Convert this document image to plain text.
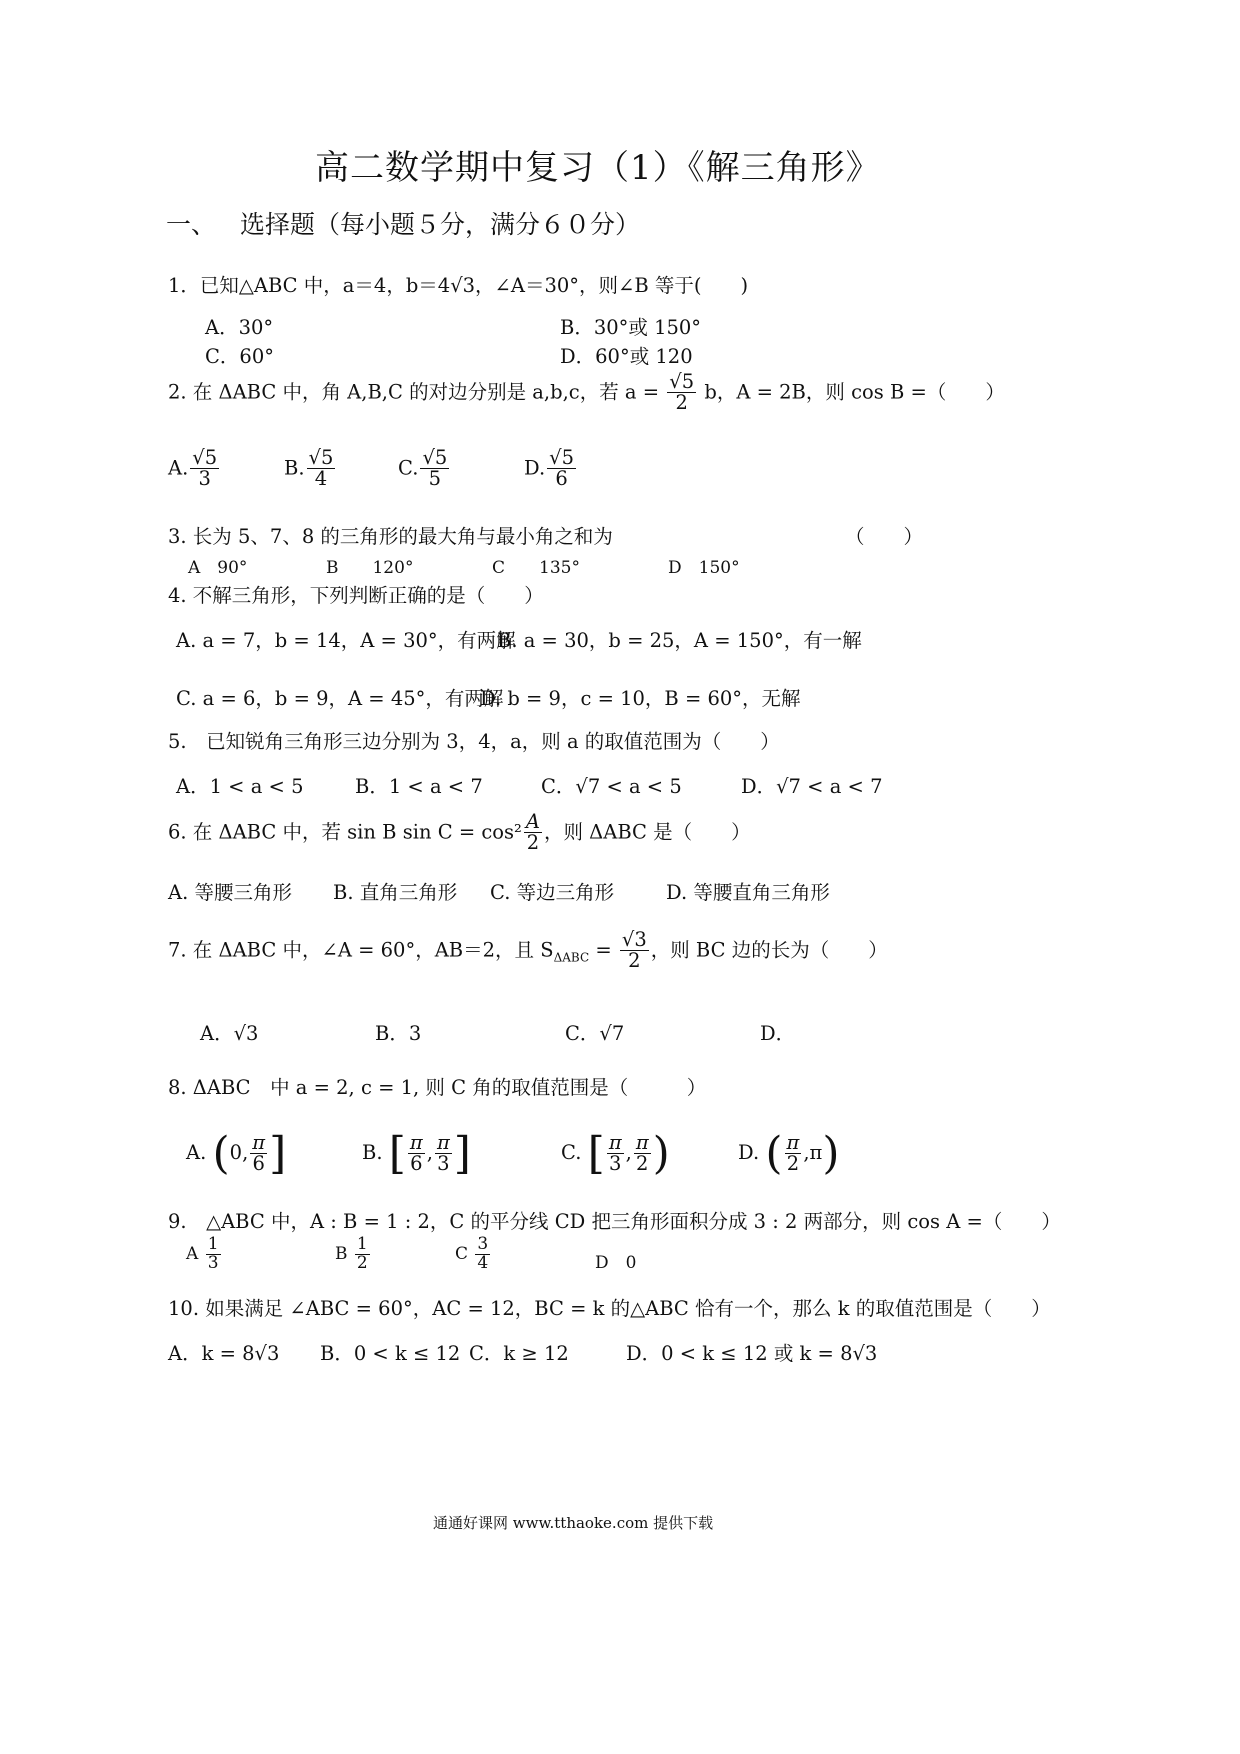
高二数学期中复习（1）《解三角形》
一、 选择题（每小题５分，满分６０分）
1．已知△ABC 中，a＝4，b＝4√3，∠A＝30°，则∠B 等于(　　)
A．30°	B．30°或 150°
C．60°	D．60°或 120
2. 在 ΔABC 中，角 A,B,C 的对边分别是 a,b,c，若 $a = \frac{√5}{2}$ b，A = 2B，则 cos B =（　　）
A. $\frac{√5}{3}$	B. $\frac{√5}{4}$	C. $\frac{√5}{5}$	D. $\frac{√5}{6}$
3. 长为 5、7、8 的三角形的最大角与最小角之和为	（　　）
A　90°	B　　120°	C　　135°	D　150°
4. 不解三角形，下列判断正确的是（　　）
A. a = 7，b = 14，A = 30°，有两解
B. a = 30，b = 25，A = 150°，有一解
C. a = 6，b = 9，A = 45°，有两解
D. b = 9，c = 10，B = 60°，无解
5.　已知锐角三角形三边分别为 3，4，a，则 a 的取值范围为（　　）
A．1 < a < 5	B．1 < a < 7	C．√7 < a < 5	D．√7 < a < 7
6. 在 ΔABC 中，若 sin B $\sin C = \cos^2 \frac{A}{2}$ ，则 ΔABC 是（　　）
A. 等腰三角形 B. 直角三角形 C. 等边三角形	D. 等腰直角三角形
7. 在 ΔABC 中，∠A = 60°，AB＝2，且 $S_{\Delta ABC} = \frac{√3}{2}$ ，则 BC 边的长为（　　）
A．√3	B．3	C．√7	D．
8. ΔABC　中 a = 2, c = 1, 则 C 角的取值范围是（　　　）
A. (0, $\frac{\pi}{6}$ ]	B. [ $\frac{\pi}{6}$ , $\frac{\pi}{3}$ ]	C. [ $\frac{\pi}{3}$ , $\frac{\pi}{2}$ )	D. ( $\frac{\pi}{2} ,\pi$)
9.　△ABC 中，A : B = 1 : 2，C 的平分线 CD 把三角形面积分成 3 : 2 两部分，则 cos A =（　　）
A $\frac{1}{3}$	B $\frac{1}{2}$	C $\frac{3}{4}$	D　0
10. 如果满足 ∠ABC = 60°，AC = 12，BC = k 的△ABC 恰有一个，那么 k 的取值范围是（　　）
A．k = 8√3 B．0 < k ≤ 12 C．k ≥ 12	D．0 < k ≤ 12 或 k = 8√3
通通好课网 www.tthaoke.com 提供下载
